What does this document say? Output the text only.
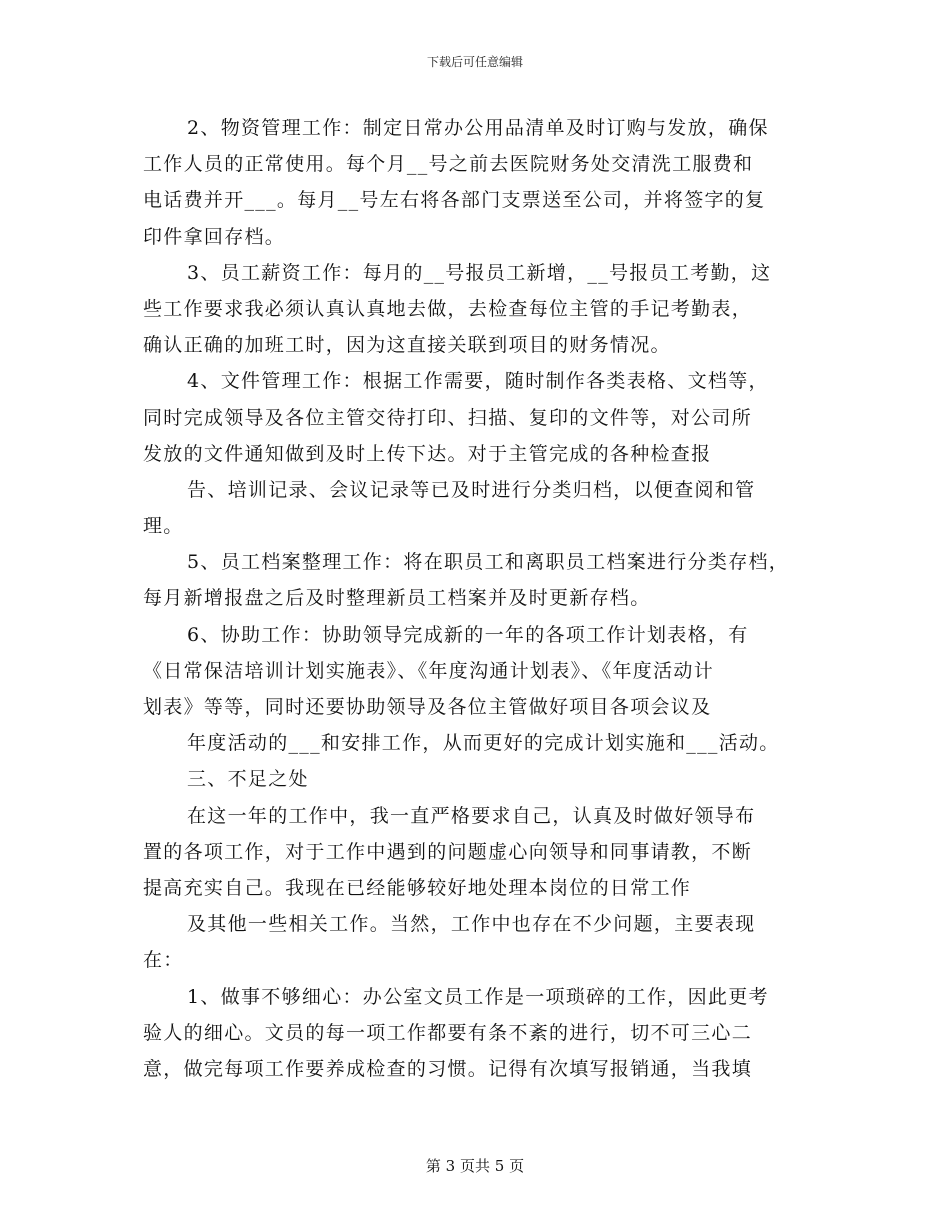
下载后可任意编辑
2、物资管理工作：制定日常办公用品清单及时订购与发放，确保
工作人员的正常使用。每个月__号之前去医院财务处交清洗工服费和
电话费并开___。每月__号左右将各部门支票送至公司，并将签字的复
印件拿回存档。
3、员工薪资工作：每月的__号报员工新增，__号报员工考勤，这
些工作要求我必须认真认真地去做，去检查每位主管的手记考勤表，
确认正确的加班工时，因为这直接关联到项目的财务情况。
4、文件管理工作：根据工作需要，随时制作各类表格、文档等，
同时完成领导及各位主管交待打印、扫描、复印的文件等，对公司所
发放的文件通知做到及时上传下达。对于主管完成的各种检查报
告、培训记录、会议记录等已及时进行分类归档，以便查阅和管
理。
5、员工档案整理工作：将在职员工和离职员工档案进行分类存档，
每月新增报盘之后及时整理新员工档案并及时更新存档。
6、协助工作：协助领导完成新的一年的各项工作计划表格，有
《日常保洁培训计划实施表》、《年度沟通计划表》、《年度活动计
划表》等等，同时还要协助领导及各位主管做好项目各项会议及
年度活动的___和安排工作，从而更好的完成计划实施和___活动。
三、不足之处
在这一年的工作中，我一直严格要求自己，认真及时做好领导布
置的各项工作，对于工作中遇到的问题虚心向领导和同事请教，不断
提高充实自己。我现在已经能够较好地处理本岗位的日常工作
及其他一些相关工作。当然，工作中也存在不少问题，主要表现
在：
1、做事不够细心：办公室文员工作是一项琐碎的工作，因此更考
验人的细心。文员的每一项工作都要有条不紊的进行，切不可三心二
意，做完每项工作要养成检查的习惯。记得有次填写报销通，当我填
第 3 页共 5 页
